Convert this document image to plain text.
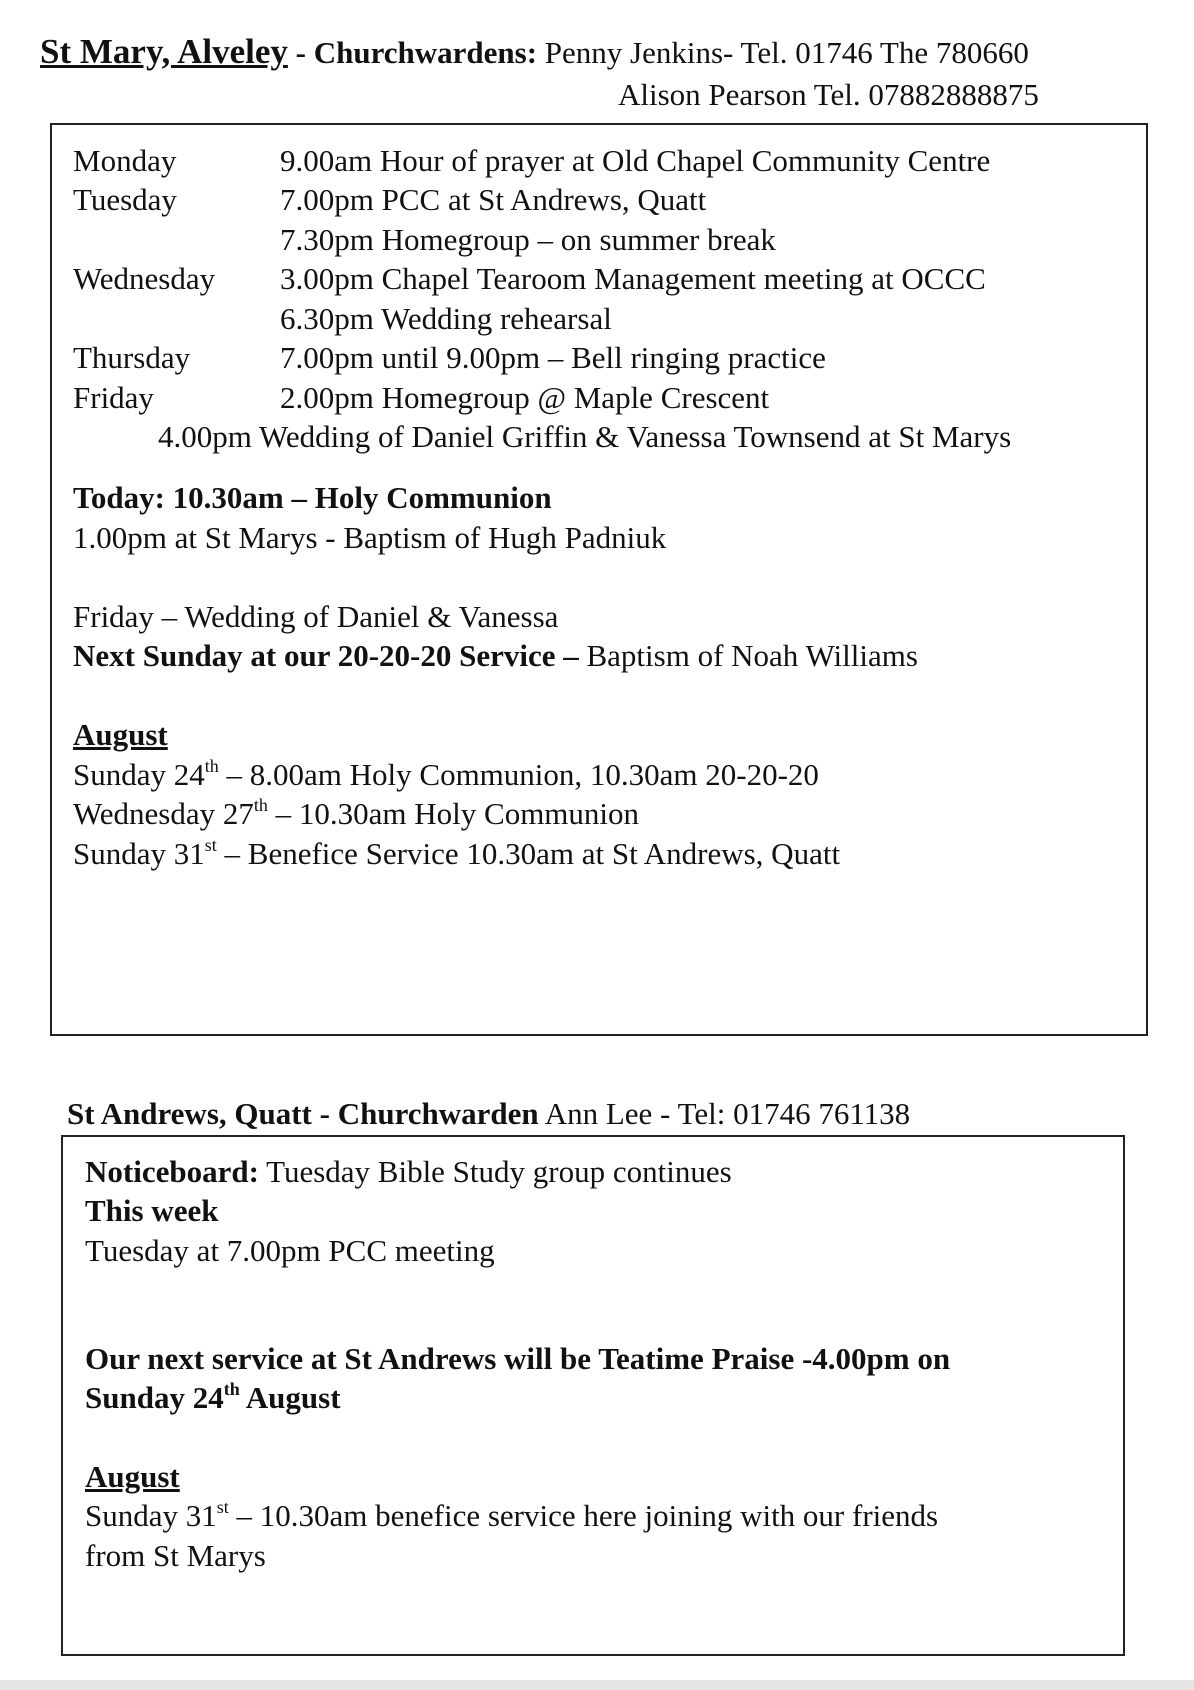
St Mary, Alveley - Churchwardens: Penny Jenkins- Tel. 01746 The 780660
Alison Pearson Tel. 07882888875
Monday	9.00am Hour of prayer at Old Chapel Community Centre
Tuesday	7.00pm PCC at St Andrews, Quatt
7.30pm Homegroup – on summer break
Wednesday 3.00pm Chapel Tearoom Management meeting at OCCC
6.30pm Wedding rehearsal
Thursday	7.00pm until 9.00pm – Bell ringing practice
Friday	2.00pm Homegroup @ Maple Crescent
4.00pm Wedding of Daniel Griffin & Vanessa Townsend at St Marys
Today: 10.30am – Holy Communion
1.00pm at St Marys - Baptism of Hugh Padniuk
Friday – Wedding of Daniel & Vanessa
Next Sunday at our 20-20-20 Service – Baptism of Noah Williams
August
Sunday 24th – 8.00am Holy Communion, 10.30am 20-20-20
Wednesday 27th – 10.30am Holy Communion
Sunday 31st – Benefice Service 10.30am at St Andrews, Quatt
St Andrews, Quatt - Churchwarden Ann Lee - Tel: 01746 761138
Noticeboard: Tuesday Bible Study group continues
This week
Tuesday at 7.00pm PCC meeting
Our next service at St Andrews will be Teatime Praise -4.00pm on
Sunday 24th August
August
Sunday 31st – 10.30am benefice service here joining with our friends
from St Marys
